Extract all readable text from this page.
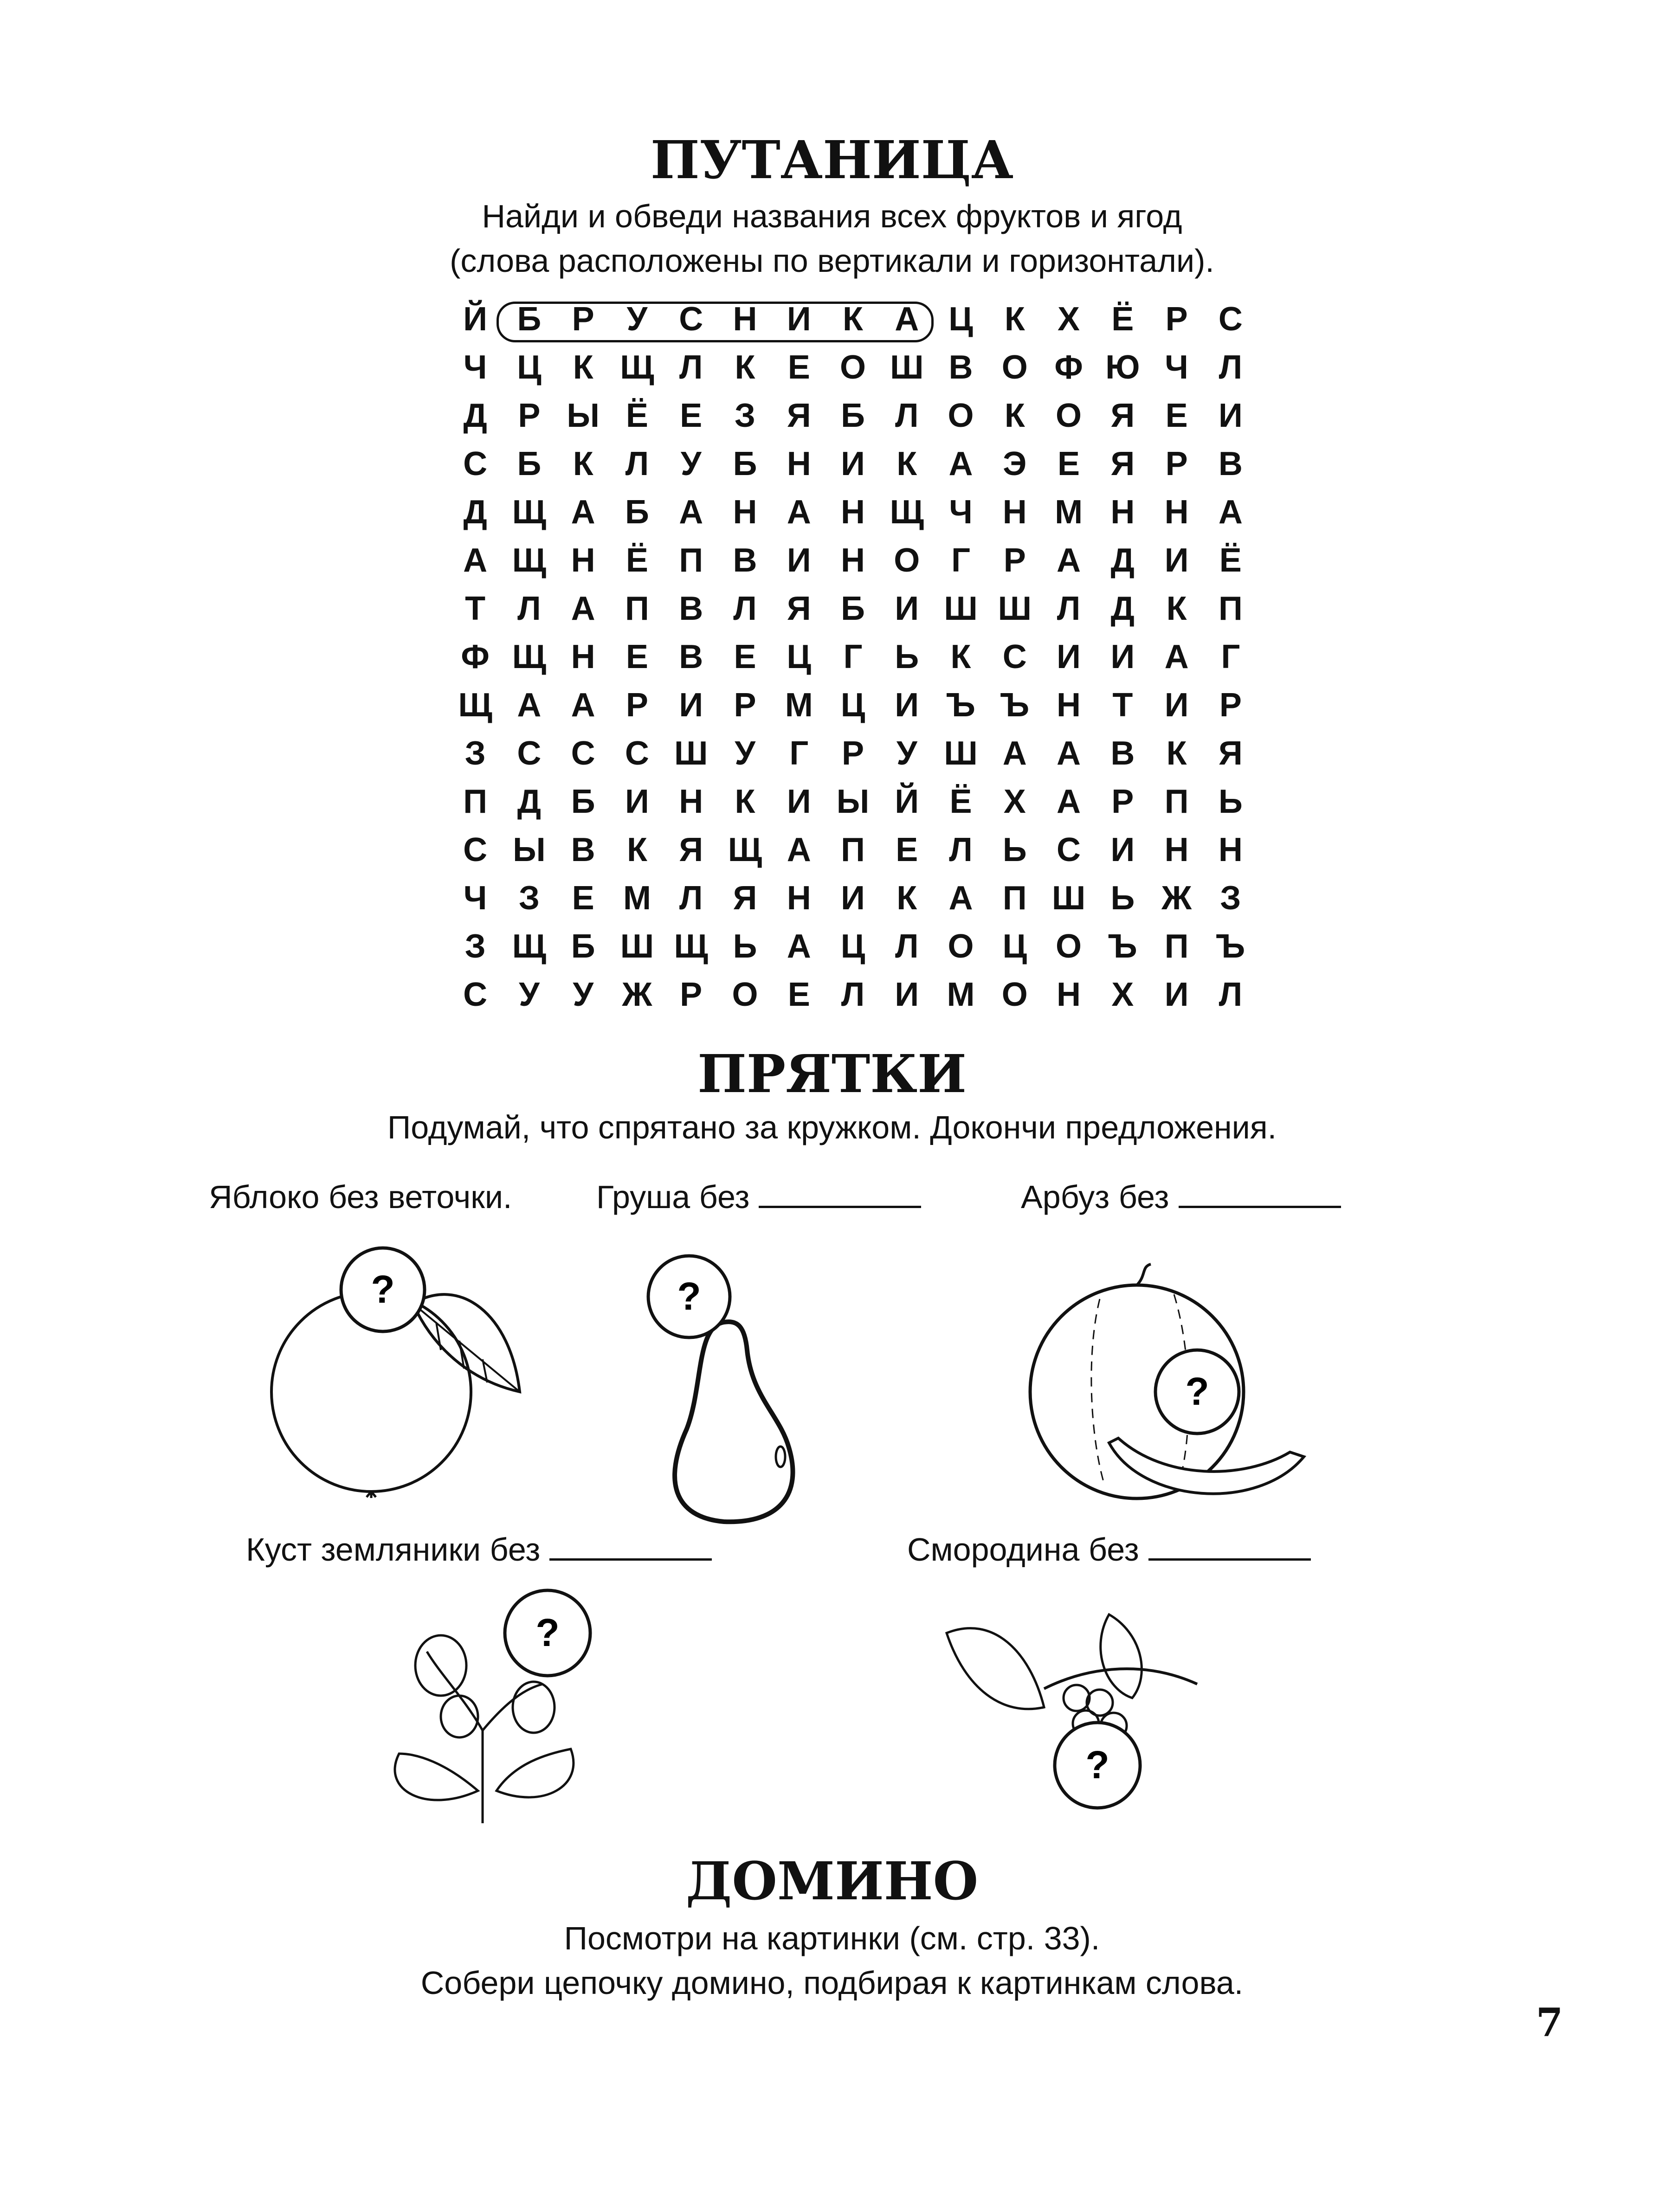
ПУТАНИЦА
Найди и обведи названия всех фруктов и ягод
(слова расположены по вертикали и горизонтали).
Й Б Р У С Н И К А Ц К Х Ё Р С
Ч Ц К Щ Л К Е О Ш В О Ф Ю Ч Л
Д Р Ы Ё Е З Я Б Л О К О Я Е И
С Б К Л У Б Н И К А Э Е Я Р В
Д Щ А Б А Н А Н Щ Ч Н М Н Н А
А Щ Н Ё П В И Н О Г Р А Д И Ё
Т Л А П В Л Я Б И Ш Ш Л Д К П
Ф Щ Н Е В Е Ц Г Ь К С И И А Г
Щ А А Р И Р М Ц И Ъ Ъ Н Т И Р
З С С С Ш У	Г Р У Ш А А В К Я
П Д Б И Н К И Ы Й Ё Х А Р П Ь
С Ы В К Я Щ А П Е Л Ь С И Н Н
Ч З Е М Л Я Н И К А П Ш Ь Ж З
З Щ Б Ш Щ Ь А Ц Л О Ц О Ъ П Ъ
С У У Ж Р О Е Л И М О Н Х И Л
ПРЯТКИ
Подумай, что спрятано за кружком. Докончи предложения.
Яблоко без веточки.	Груша без	Арбуз без
?	?
?
Куст земляники без	Смородина без
?
?
ДОМИНО
Посмотри на картинки (см. стр. 33).
Собери цепочку домино, подбирая к картинкам слова.
7
